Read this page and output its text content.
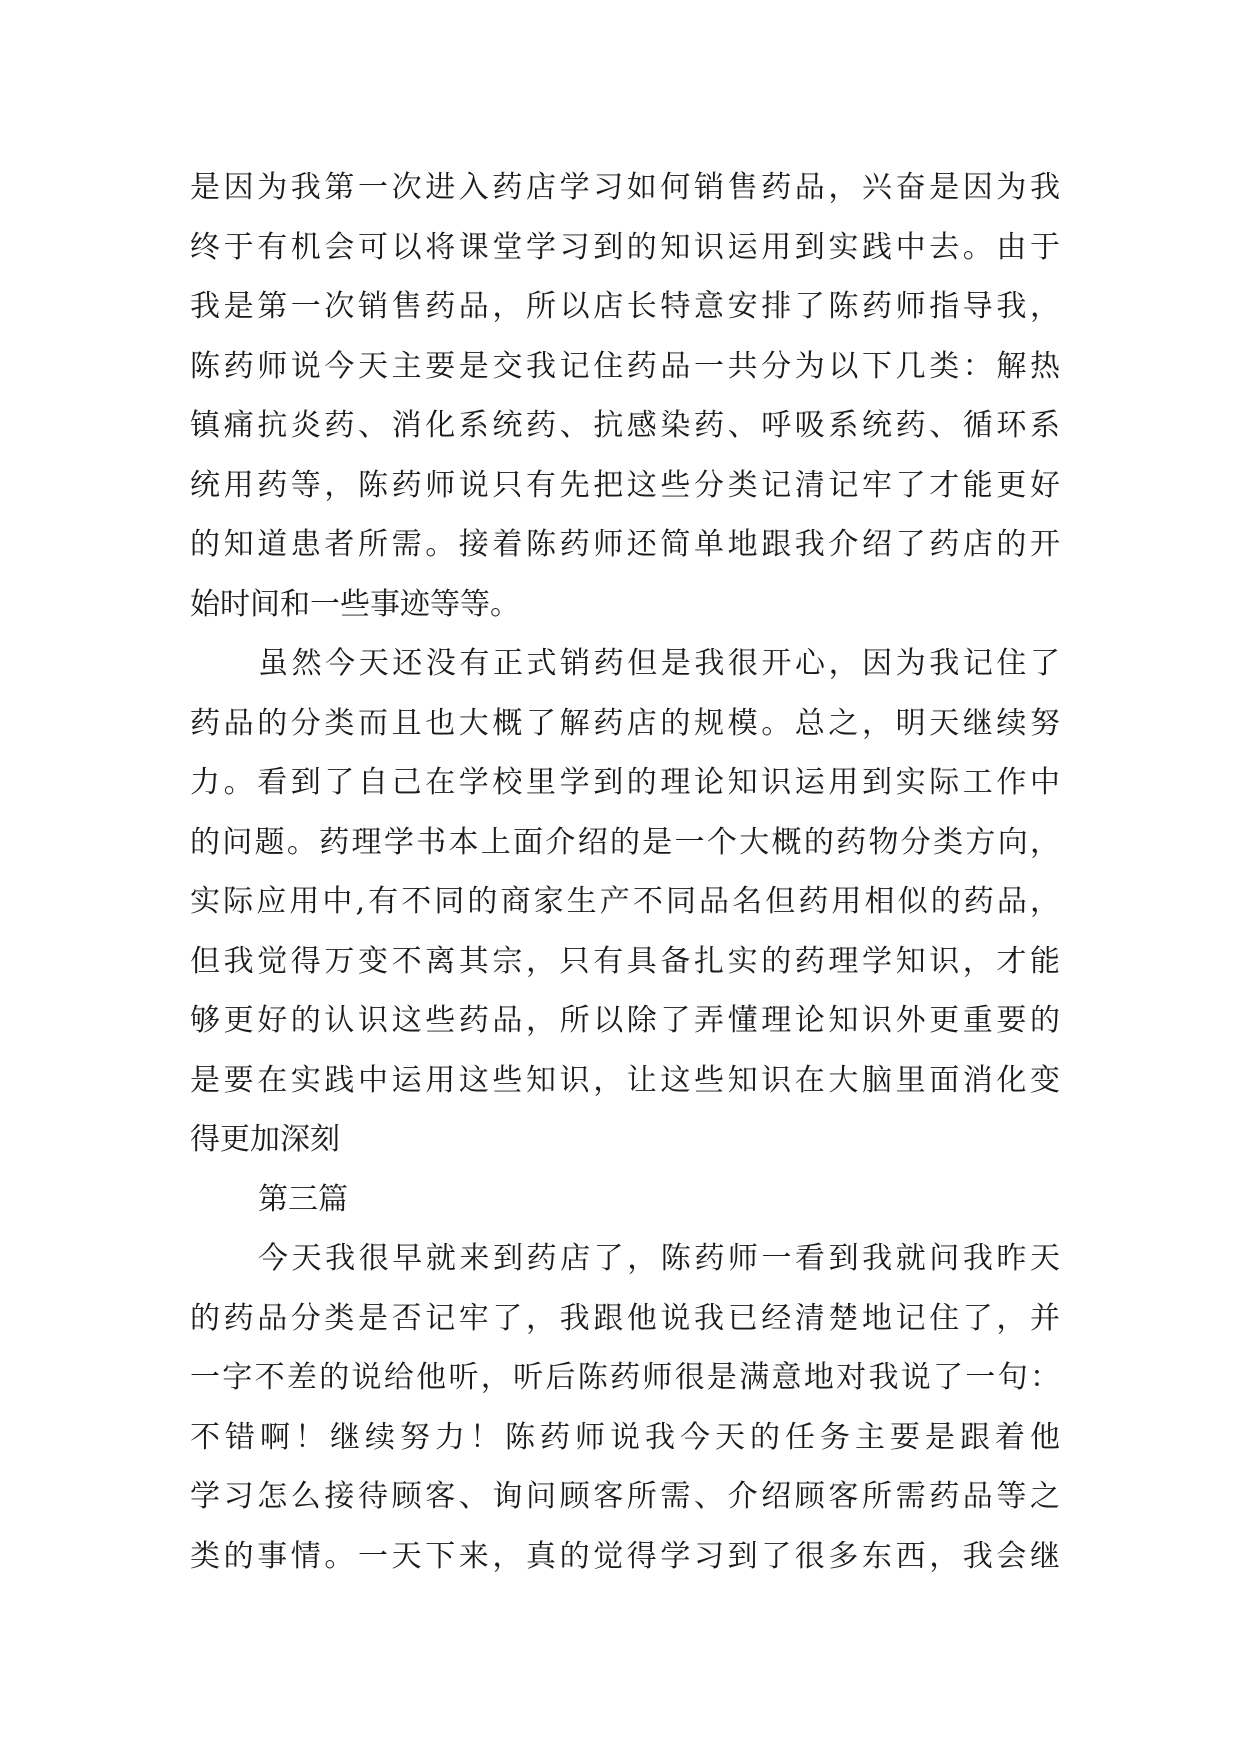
是因为我第一次进入药店学习如何销售药品，兴奋是因为我
终于有机会可以将课堂学习到的知识运用到实践中去。由于
我是第一次销售药品，所以店长特意安排了陈药师指导我，
陈药师说今天主要是交我记住药品一共分为以下几类：解热
镇痛抗炎药、消化系统药、抗感染药、呼吸系统药、循环系
统用药等，陈药师说只有先把这些分类记清记牢了才能更好
的知道患者所需。接着陈药师还简单地跟我介绍了药店的开
始时间和一些事迹等等。
虽然今天还没有正式销药但是我很开心，因为我记住了
药品的分类而且也大概了解药店的规模。总之，明天继续努
力。看到了自己在学校里学到的理论知识运用到实际工作中
的问题。药理学书本上面介绍的是一个大概的药物分类方向，
实际应用中,有不同的商家生产不同品名但药用相似的药品，
但我觉得万变不离其宗，只有具备扎实的药理学知识，才能
够更好的认识这些药品，所以除了弄懂理论知识外更重要的
是要在实践中运用这些知识，让这些知识在大脑里面消化变
得更加深刻
第三篇
今天我很早就来到药店了，陈药师一看到我就问我昨天
的药品分类是否记牢了，我跟他说我已经清楚地记住了，并
一字不差的说给他听，听后陈药师很是满意地对我说了一句：
不错啊！继续努力！陈药师说我今天的任务主要是跟着他
学习怎么接待顾客、询问顾客所需、介绍顾客所需药品等之
类的事情。一天下来，真的觉得学习到了很多东西，我会继
